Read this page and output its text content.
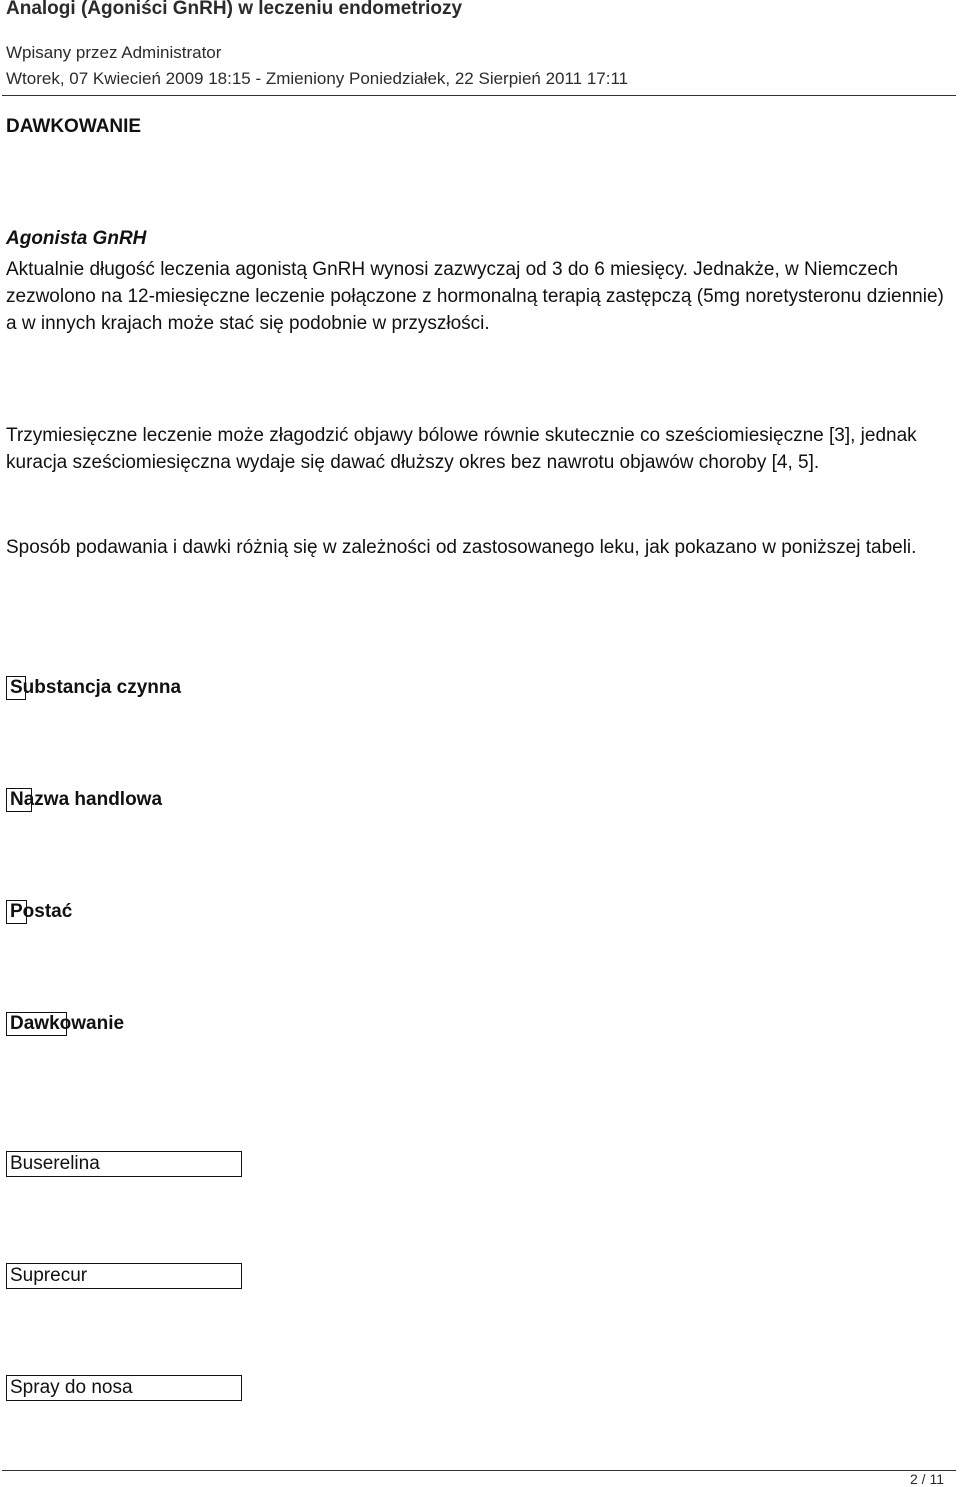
Analogi (Agoniści GnRH) w leczeniu endometriozy
Wpisany przez Administrator
Wtorek, 07 Kwiecień 2009 18:15 - Zmieniony Poniedziałek, 22 Sierpień 2011 17:11
DAWKOWANIE
Agonista GnRH
Aktualnie długość leczenia agonistą GnRH wynosi zazwyczaj od 3 do 6 miesięcy. Jednakże, w Niemczech zezwolono na 12-miesięczne leczenie połączone z hormonalną terapią zastępczą (5mg noretysteronu dziennie) a w innych krajach może stać się podobnie w przyszłości.
Trzymiesięczne leczenie może złagodzić objawy bólowe równie skutecznie co sześciomiesięczne [3], jednak kuracja sześciomiesięczna wydaje się dawać dłuższy okres bez nawrotu objawów choroby [4, 5].
Sposób podawania i dawki różnią się w zależności od zastosowanego leku, jak pokazano w poniższej tabeli.
Substancja czynna
Nazwa handlowa
Postać
Dawkowanie
Buserelina
Suprecur
Spray do nosa
2 / 11
